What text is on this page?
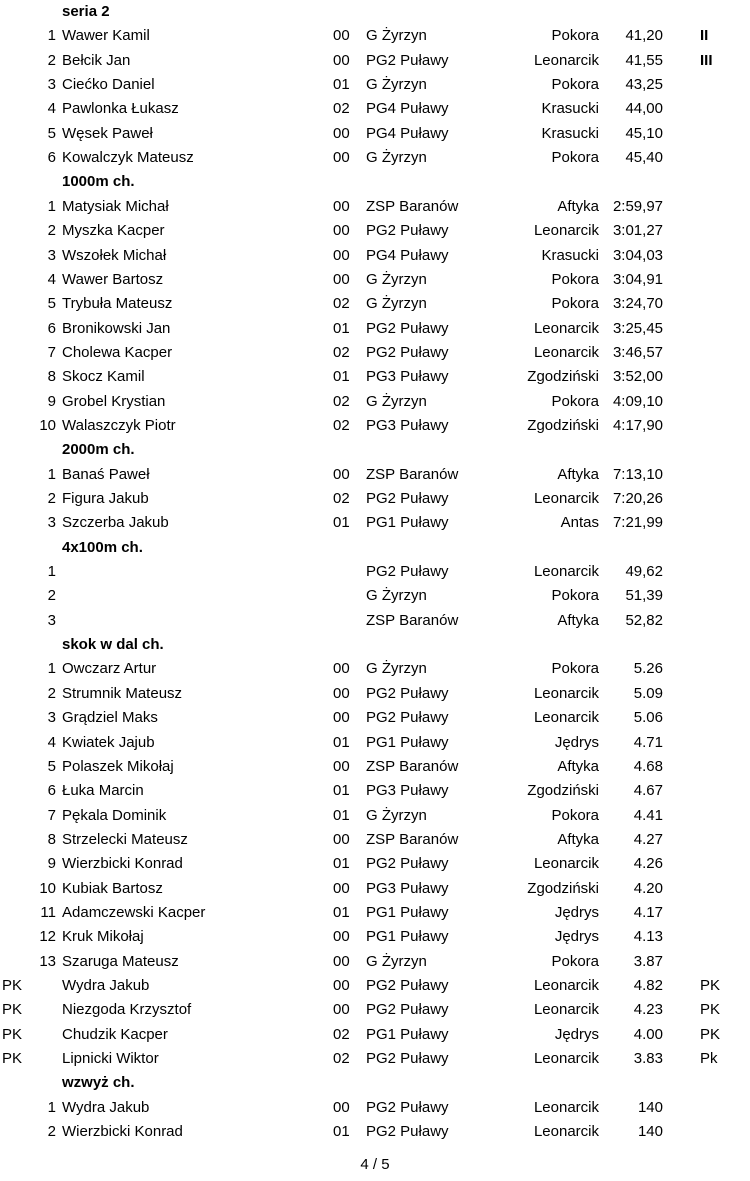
seria 2
1 Wawer Kamil	00 G Żyrzyn	Pokora 41,20 II
2 Bełcik Jan	00 PG2 Puławy	Leonarcik 41,55 III
3 Ciećko Daniel	01 G Żyrzyn	Pokora 43,25
4 Pawlonka Łukasz	02 PG4 Puławy	Krasucki 44,00
5 Węsek Paweł	00 PG4 Puławy	Krasucki 45,10
6 Kowalczyk Mateusz	00 G Żyrzyn	Pokora 45,40
1000m ch.
1 Matysiak Michał	00 ZSP Baranów	Aftyka 2:59,97
2 Myszka Kacper	00 PG2 Puławy	Leonarcik 3:01,27
3 Wszołek Michał	00 PG4 Puławy	Krasucki 3:04,03
4 Wawer Bartosz	00 G Żyrzyn	Pokora 3:04,91
5 Trybuła Mateusz	02 G Żyrzyn	Pokora 3:24,70
6 Bronikowski Jan	01 PG2 Puławy	Leonarcik 3:25,45
7 Cholewa Kacper	02 PG2 Puławy	Leonarcik 3:46,57
8 Skocz Kamil	01 PG3 Puławy	Zgodziński 3:52,00
9 Grobel Krystian	02 G Żyrzyn	Pokora 4:09,10
10 Walaszczyk Piotr	02 PG3 Puławy	Zgodziński 4:17,90
2000m ch.
1 Banaś Paweł	00 ZSP Baranów	Aftyka 7:13,10
2 Figura Jakub	02 PG2 Puławy	Leonarcik 7:20,26
3 Szczerba Jakub	01 PG1 Puławy	Antas 7:21,99
4x100m ch.
1	PG2 Puławy	Leonarcik 49,62
2	G Żyrzyn	Pokora 51,39
3	ZSP Baranów	Aftyka 52,82
skok w dal ch.
1 Owczarz Artur	00 G Żyrzyn	Pokora 5.26
2 Strumnik Mateusz	00 PG2 Puławy	Leonarcik 5.09
3 Grądziel Maks	00 PG2 Puławy	Leonarcik 5.06
4 Kwiatek Jajub	01 PG1 Puławy	Jędrys 4.71
5 Polaszek Mikołaj	00 ZSP Baranów	Aftyka 4.68
6 Łuka Marcin	01 PG3 Puławy	Zgodziński 4.67
7 Pękala Dominik	01 G Żyrzyn	Pokora 4.41
8 Strzelecki Mateusz	00 ZSP Baranów	Aftyka 4.27
9 Wierzbicki Konrad	01 PG2 Puławy	Leonarcik 4.26
10 Kubiak Bartosz	00 PG3 Puławy	Zgodziński 4.20
11 Adamczewski Kacper	01 PG1 Puławy	Jędrys 4.17
12 Kruk Mikołaj	00 PG1 Puławy	Jędrys 4.13
13 Szaruga Mateusz	00 G Żyrzyn	Pokora 3.87
PK	Wydra Jakub	00 PG2 Puławy	Leonarcik 4.82 PK
PK	Niezgoda Krzysztof	00 PG2 Puławy	Leonarcik 4.23 PK
PK	Chudzik Kacper	02 PG1 Puławy	Jędrys 4.00 PK
PK	Lipnicki Wiktor	02 PG2 Puławy	Leonarcik 3.83 Pk
wzwyż ch.
1 Wydra Jakub	00 PG2 Puławy	Leonarcik	140
2 Wierzbicki Konrad	01 PG2 Puławy	Leonarcik	140
4 / 5
